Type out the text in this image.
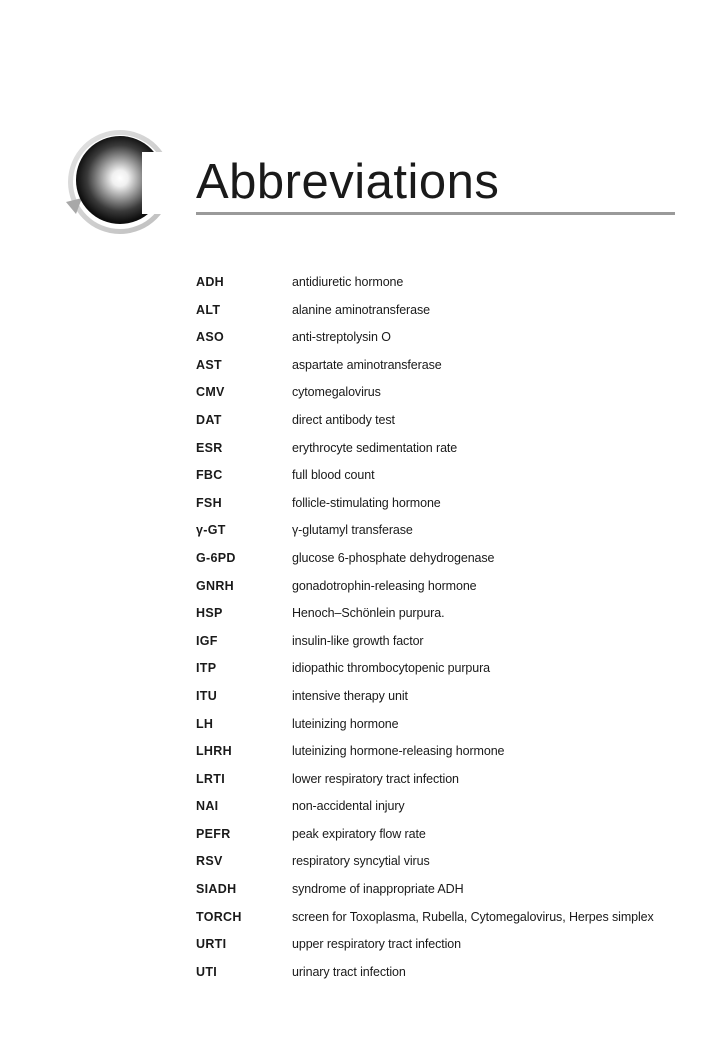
Abbreviations
ADH	antidiuretic hormone
ALT	alanine aminotransferase
ASO	anti-streptolysin O
AST	aspartate aminotransferase
CMV	cytomegalovirus
DAT	direct antibody test
ESR	erythrocyte sedimentation rate
FBC	full blood count
FSH	follicle-stimulating hormone
γ-GT	γ-glutamyl transferase
G-6PD	glucose 6-phosphate dehydrogenase
GNRH	gonadotrophin-releasing hormone
HSP	Henoch–Schönlein purpura.
IGF	insulin-like growth factor
ITP	idiopathic thrombocytopenic purpura
ITU	intensive therapy unit
LH	luteinizing hormone
LHRH	luteinizing hormone-releasing hormone
LRTI	lower respiratory tract infection
NAI	non-accidental injury
PEFR	peak expiratory flow rate
RSV	respiratory syncytial virus
SIADH	syndrome of inappropriate ADH
TORCH	screen for Toxoplasma, Rubella, Cytomegalovirus, Herpes simplex
URTI	upper respiratory tract infection
UTI	urinary tract infection
